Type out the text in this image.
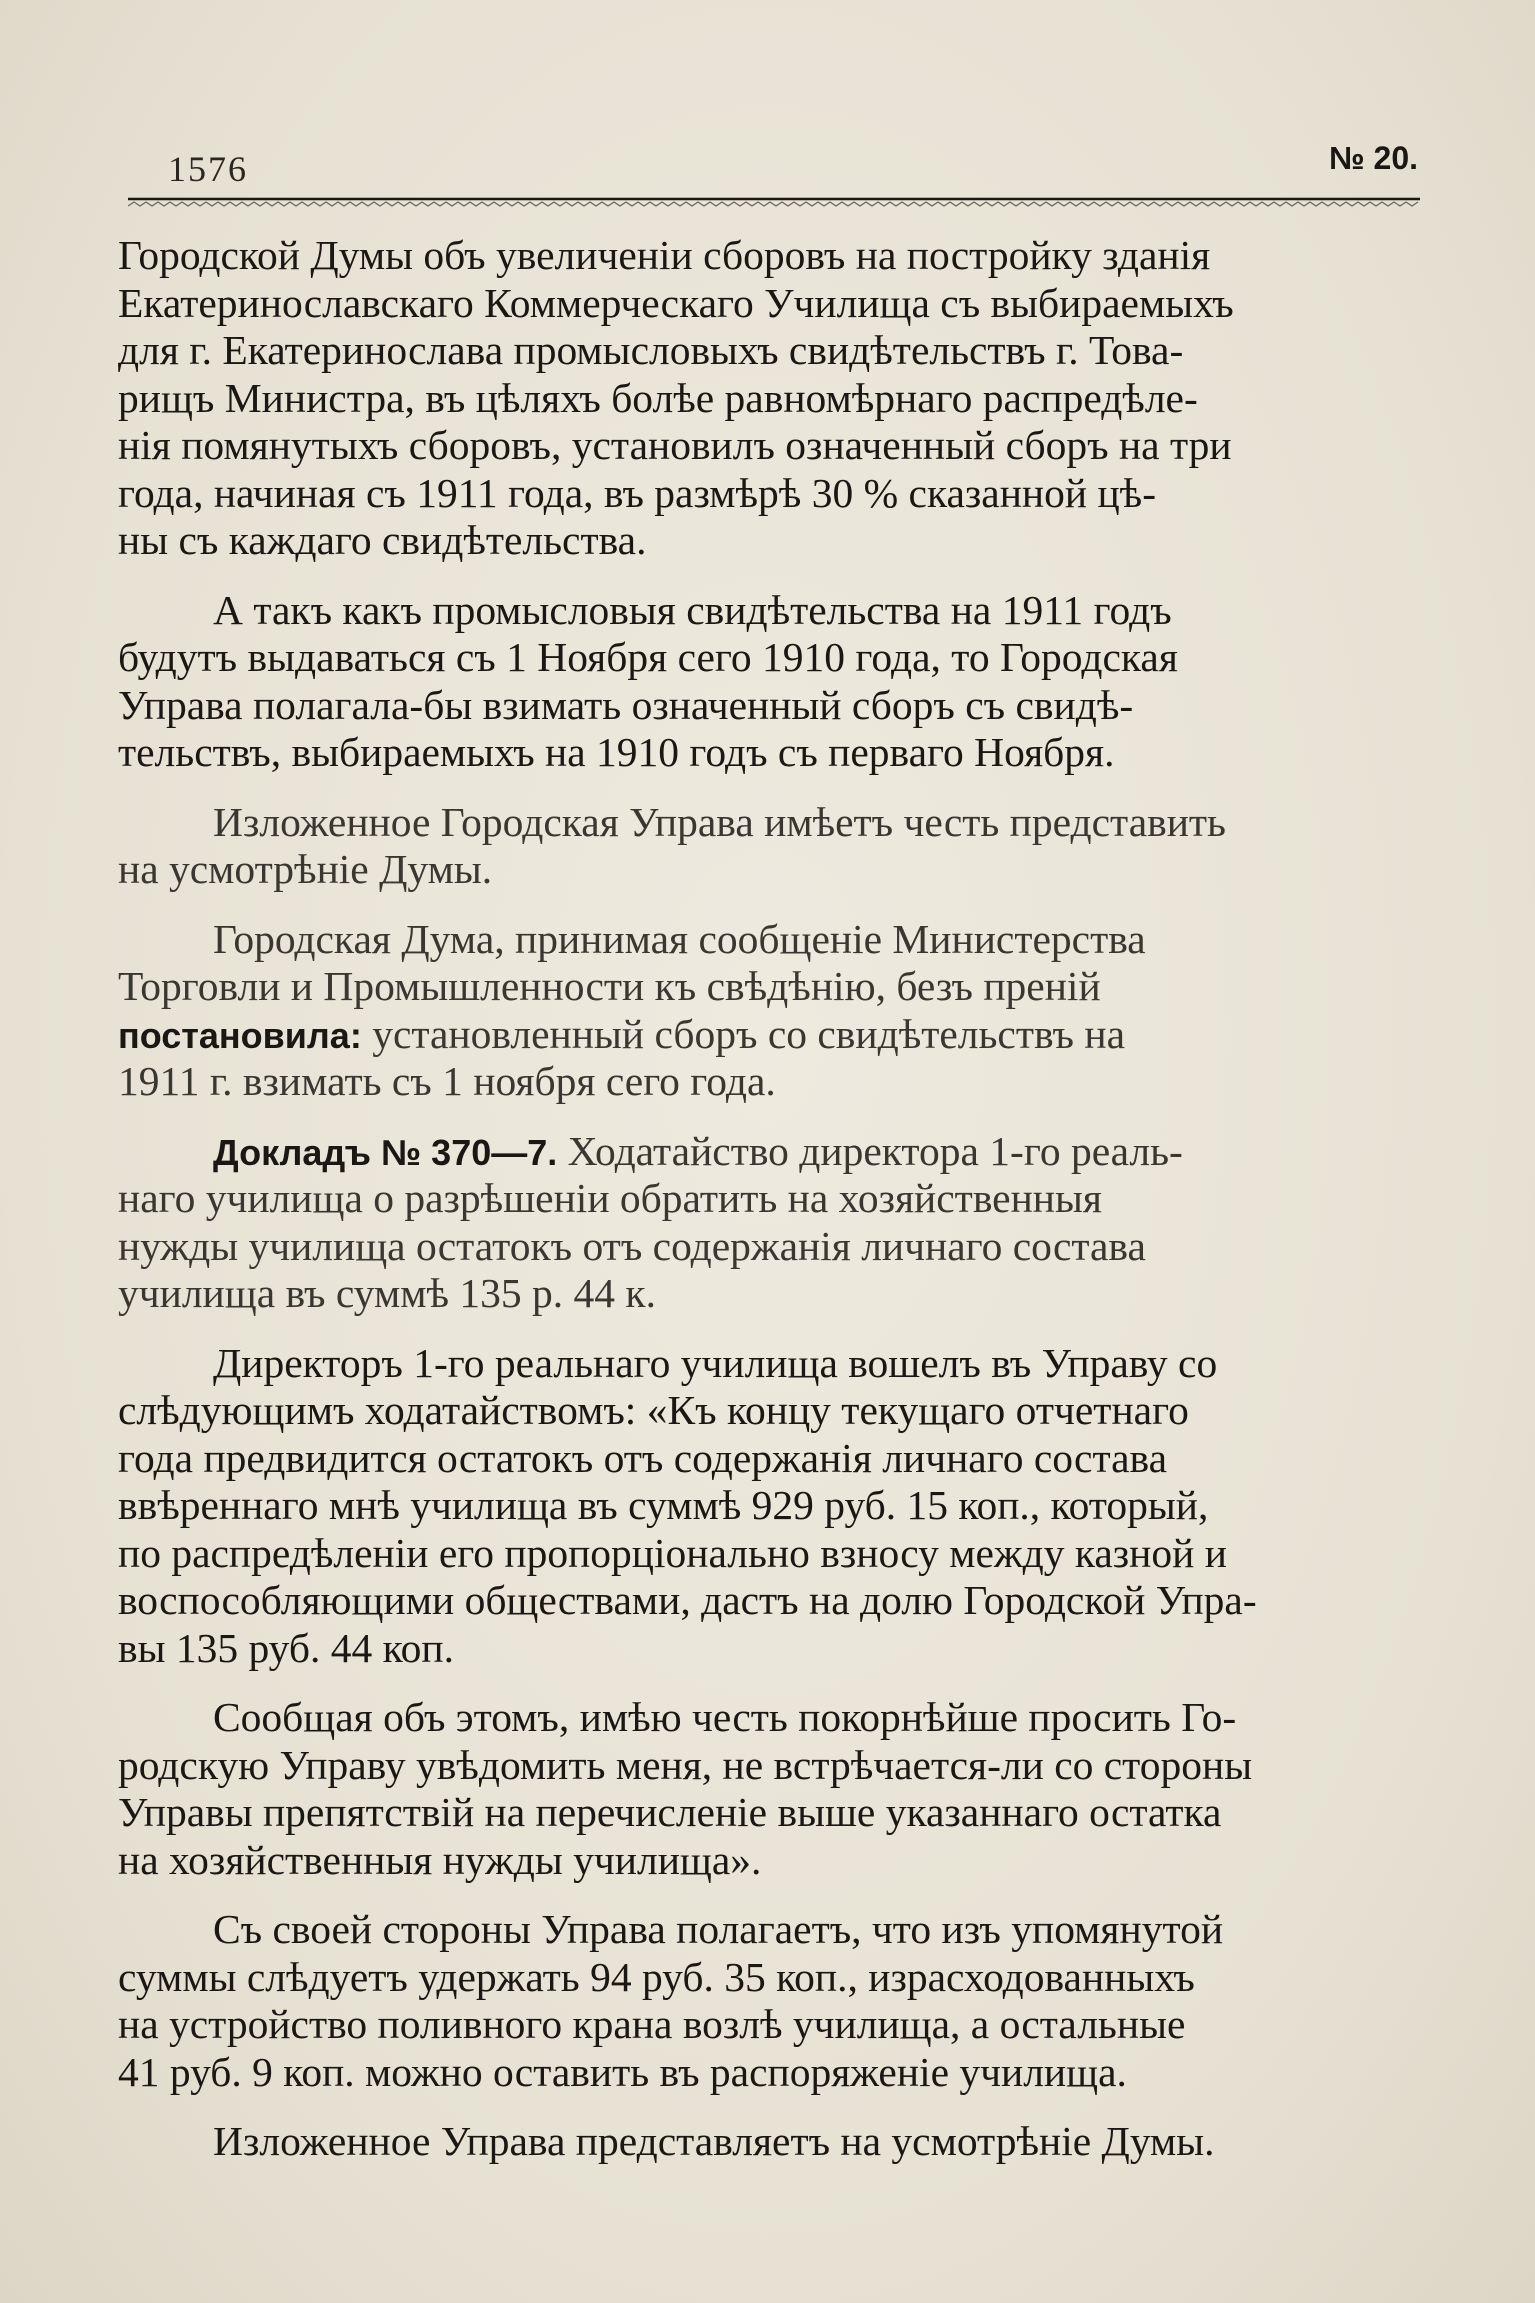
1576	№ 20.
Городской Думы объ увеличенiи сборовъ на постройку зданiя
Екатеринославскаго Коммерческаго Училища съ выбираемыхъ
для г. Екатеринослава промысловыхъ свидѣтельствъ г. Това-
рищъ Министра, въ цѣляхъ болѣе равномѣрнаго распредѣле-
нiя помянутыхъ сборовъ, установилъ означенный сборъ на три
года, начиная съ 1911 года, въ размѣрѣ 30 % сказанной цѣ-
ны съ каждаго свидѣтельства.
А такъ какъ промысловыя свидѣтельства на 1911 годъ
будутъ выдаваться съ 1 Ноября сего 1910 года, то Городская
Управа полагала-бы взимать означенный сборъ съ свидѣ-
тельствъ, выбираемыхъ на 1910 годъ съ перваго Ноября.
Изложенное Городская Управа имѣетъ честь представить
на усмотрѣнiе Думы.
Городская Дума, принимая сообщенiе Министерства
Торговли и Промышленности къ свѣдѣнiю, безъ пренiй
постановила: установленный сборъ со свидѣтельствъ на
1911 г. взимать съ 1 ноября сего года.
Докладъ № 370—7. Ходатайство директора 1-го реаль-
наго училища о разрѣшенiи обратить на хозяйственныя
нужды училища остатокъ отъ содержанiя личнаго состава
училища въ суммѣ 135 р. 44 к.
Директоръ 1-го реальнаго училища вошелъ въ Управу со
слѣдующимъ ходатайствомъ: «Къ концу текущаго отчетнаго
года предвидится остатокъ отъ содержанiя личнаго состава
ввѣреннаго мнѣ училища въ суммѣ 929 руб. 15 коп., который,
по распредѣленiи его пропорцiонально взносу между казной и
воспособляющими обществами, дастъ на долю Городской Упра-
вы 135 руб. 44 коп.
Сообщая объ этомъ, имѣю честь покорнѣйше просить Го-
родскую Управу увѣдомить меня, не встрѣчается-ли со стороны
Управы препятствiй на перечисленiе выше указаннаго остатка
на хозяйственныя нужды училища».
Съ своей стороны Управа полагаетъ, что изъ упомянутой
суммы слѣдуетъ удержать 94 руб. 35 коп., израсходованныхъ
на устройство поливного крана возлѣ училища, а остальные
41 руб. 9 коп. можно оставить въ распоряженiе училища.
Изложенное Управа представляетъ на усмотрѣнiе Думы.
